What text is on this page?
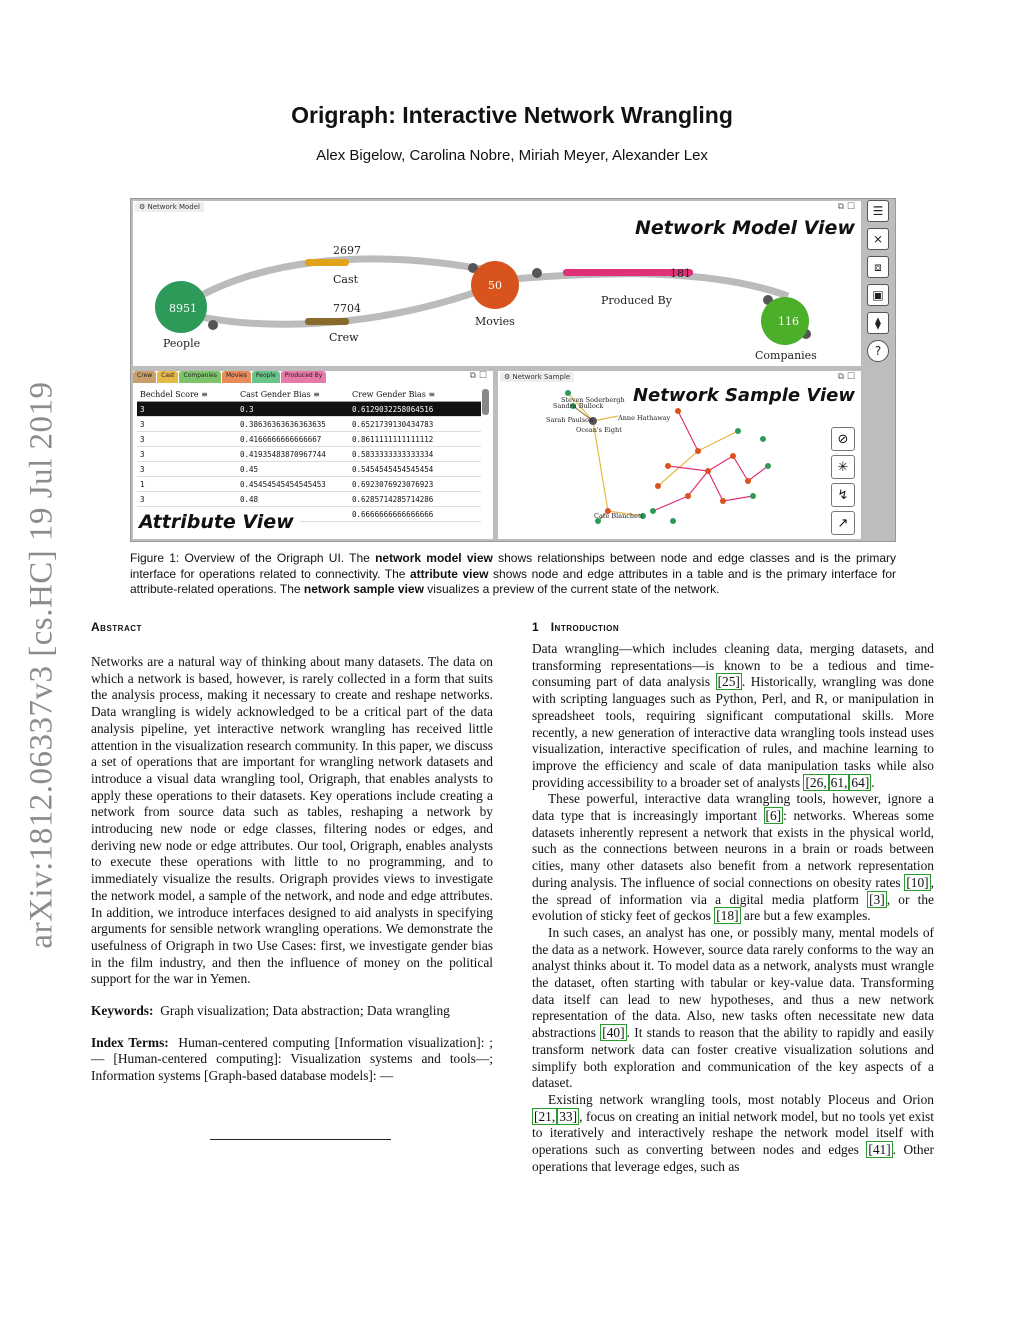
arXiv:1812.06337v3 [cs.HC] 19 Jul 2019
Origraph: Interactive Network Wrangling
Alex Bigelow, Carolina Nobre, Miriah Meyer, Alexander Lex
⚙ Network Model	⧉ ☐
Network Model View
8951
People
50
Movies	116
Companies
2697
Cast
7704
Crew
181
Produced By
Crew	Cast	Companies	Movies	People	Produced By	⧉ ☐
Bechdel Score ≡	Cast Gender Bias ≡	Crew Gender Bias ≡
3	0.3	0.612903225806451​6
3	0.38636363636363635	0.6521739130434783
3	0.4166666666666667	0.8611111111111112
3	0.41935483870967744	0.5833333333333334
3	0.45	0.5454545454545454
1	0.45454545454545453	0.6923076923076923
3	0.48	0.6285714285714286
		0.6666666666666666
Attribute View
⚙ Network Sample	⧉ ☐
Network Sample View
Steven Soderbergh
Sandra Bullock
Sarah Paulson	Anne Hathaway
Ocean's Eight
Cate Blanchett
⊘
✳
↯
↗
☰
⨯
⧈
▣
⧫
?
Figure 1: Overview of the Origraph UI. The network model view shows relationships between node and edge classes and is the primary interface for operations related to connectivity. The attribute view shows node and edge attributes in a table and is the primary interface for attribute-related operations. The network sample view visualizes a preview of the current state of the network.
Abstract

Networks are a natural way of thinking about many datasets. The data on which a network is based, however, is rarely collected in a form that suits the analysis process, making it necessary to create and reshape networks. Data wrangling is widely acknowledged to be a critical part of the data analysis pipeline, yet interactive network wrangling has received little attention in the visualization research community. In this paper, we discuss a set of operations that are important for wrangling network datasets and introduce a visual data wrangling tool, Origraph, that enables analysts to apply these operations to their datasets. Key operations include creating a network from source data such as tables, reshaping a network by introducing new node or edge classes, filtering nodes or edges, and deriving new node or edge attributes. Our tool, Origraph, enables analysts to execute these operations with little to no programming, and to immediately visualize the results. Origraph provides views to investigate the network model, a sample of the network, and node and edge attributes. In addition, we introduce interfaces designed to aid analysts in specifying arguments for sensible network wrangling operations. We demonstrate the usefulness of Origraph in two Use Cases: first, we investigate gender bias in the film industry, and then the influence of money on the political support for the war in Yemen.

Keywords: Graph visualization; Data abstraction; Data wrangling

Index Terms: Human-centered computing [Information visualization]: ;— [Human-centered computing]: Visualization systems and tools—; Information systems [Graph-based database models]: —

1 Introduction

Data wrangling—which includes cleaning data, merging datasets, and transforming representations—is known to be a tedious and time-consuming part of data analysis [25] . Historically, wrangling was done with scripting languages such as Python, Perl, and R, or manipulation in spreadsheet tools, requiring significant computational skills. More recently, a new generation of interactive data wrangling tools instead uses visualization, interactive specification of rules, and machine learning to improve the efficiency and scale of data manipulation tasks while also providing accessibility to a broader set of analysts [26, 61, 64] .

These powerful, interactive data wrangling tools, however, ignore a data type that is increasingly important [6] : networks. Whereas some datasets inherently represent a network that exists in the physical world, such as the connections between neurons in a brain or roads between cities, many other datasets also benefit from a network representation during analysis. The influence of social connections on obesity rates [10] , the spread of information via a digital media platform [3] , or the evolution of sticky feet of geckos [18] are but a few examples.

In such cases, an analyst has one, or possibly many, mental models of the data as a network. However, source data rarely conforms to the way an analyst thinks about it. To model data as a network, analysts must wrangle the dataset, often starting with tabular or key-value data. Transforming data itself can lead to new hypotheses, and thus a new network representation of the data. Also, new tasks often necessitate new data abstractions [40] . It stands to reason that the ability to rapidly and easily transform network data can foster creative visualization solutions and simplify both exploration and communication of the key aspects of a dataset.

Existing network wrangling tools, most notably Ploceus and Orion [21, 33] , focus on creating an initial network model, but no tools yet exist to iteratively and interactively reshape the network model itself with operations such as converting between nodes and edges [41] . Other operations that leverage edges, such as
